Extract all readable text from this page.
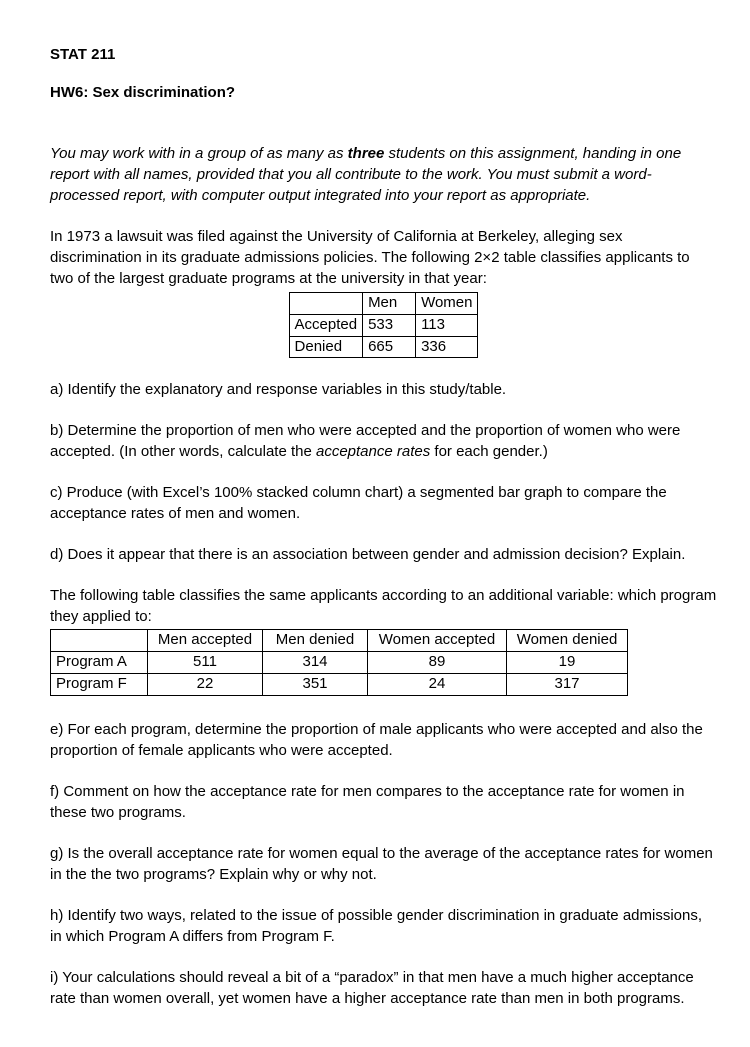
STAT 211

HW6: Sex discrimination?

You may work with in a group of as many as three students on this assignment, handing in one report with all names, provided that you all contribute to the work. You must submit a word- processed report, with computer output integrated into your report as appropriate.

In 1973 a lawsuit was filed against the University of California at Berkeley, alleging sex discrimination in its graduate admissions policies. The following 2×2 table classifies applicants to two of the largest graduate programs at the university in that year:

	Men	Women
Accepted	533	113
Denied	665	336

a) Identify the explanatory and response variables in this study/table.

b) Determine the proportion of men who were accepted and the proportion of women who were accepted. (In other words, calculate the acceptance rates for each gender.)

c) Produce (with Excel’s 100% stacked column chart) a segmented bar graph to compare the acceptance rates of men and women.

d) Does it appear that there is an association between gender and admission decision? Explain.

The following table classifies the same applicants according to an additional variable: which program they applied to:

	Men accepted	Men denied	Women accepted	Women denied
Program A	511	314	89	19
Program F	22	351	24	317

e) For each program, determine the proportion of male applicants who were accepted and also the proportion of female applicants who were accepted.

f) Comment on how the acceptance rate for men compares to the acceptance rate for women in these two programs.

g) Is the overall acceptance rate for women equal to the average of the acceptance rates for women in the the two programs? Explain why or why not.

h) Identify two ways, related to the issue of possible gender discrimination in graduate admissions, in which Program A differs from Program F.

i) Your calculations should reveal a bit of a “paradox” in that men have a much higher acceptance rate than women overall, yet women have a higher acceptance rate than men in both programs.
